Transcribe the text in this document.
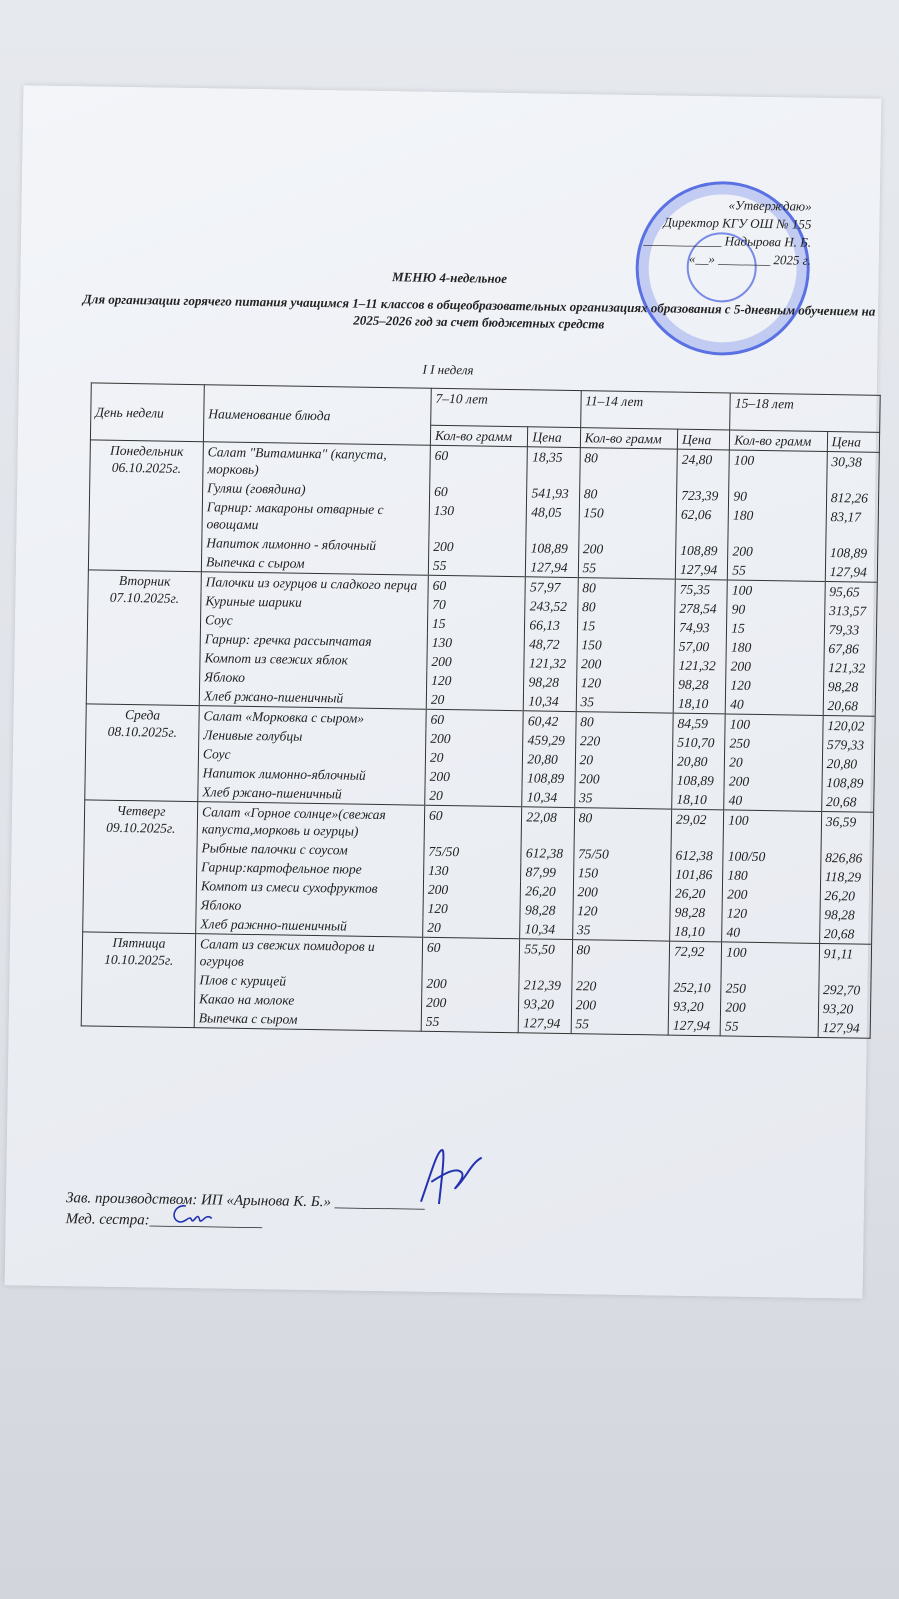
«Утверждаю»
Директор КГУ ОШ № 155
____________ Надырова Н. Б.
«__» ________ 2025 г.
МЕНЮ 4-недельное
Для организации горячего питания учащимся 1–11 классов в общеобразовательных организациях образования с 5-дневным обучением на 2025–2026 год за счет бюджетных средств
I I неделя
День недели	Наименование блюда	7–10 лет		11–14 лет		15–18 лет	
		Кол-во грамм	Цена	Кол-во грамм	Цена	Кол-во грамм	Цена

Понедельник
06.10.2025г.	Салат "Витаминка" (капуста, морковь)	60	18,35	80	24,80	100	30,38
	Гуляш (говядина)	60	541,93	80	723,39	90	812,26
	Гарнир: макароны отварные с овощами	130	48,05	150	62,06	180	83,17
	Напиток лимонно - яблочный	200	108,89	200	108,89	200	108,89
	Выпечка с сыром	55	127,94	55	127,94	55	127,94

Вторник
07.10.2025г.	Палочки из огурцов и сладкого перца	60	57,97	80	75,35	100	95,65
	Куриные шарики	70	243,52	80	278,54	90	313,57
	Соус	15	66,13	15	74,93	15	79,33
	Гарнир: гречка рассыпчатая	130	48,72	150	57,00	180	67,86
	Компот из свежих яблок	200	121,32	200	121,32	200	121,32
	Яблоко	120	98,28	120	98,28	120	98,28
	Хлеб ржано-пшеничный	20	10,34	35	18,10	40	20,68

Среда
08.10.2025г.	Салат «Морковка с сыром»	60	60,42	80	84,59	100	120,02
	Ленивые голубцы	200	459,29	220	510,70	250	579,33
	Соус	20	20,80	20	20,80	20	20,80
	Напиток лимонно-яблочный	200	108,89	200	108,89	200	108,89
	Хлеб ржано-пшеничный	20	10,34	35	18,10	40	20,68

Четверг
09.10.2025г.	Салат «Горное солнце»(свежая капуста,морковь и огурцы)	60	22,08	80	29,02	100	36,59
	Рыбные палочки с соусом	75/50	612,38	75/50	612,38	100/50	826,86
	Гарнир:картофельное пюре	130	87,99	150	101,86	180	118,29
	Компот из смеси сухофруктов	200	26,20	200	26,20	200	26,20
	Яблоко	120	98,28	120	98,28	120	98,28
	Хлеб ражнно-пшеничный	20	10,34	35	18,10	40	20,68

Пятница
10.10.2025г.	Салат из свежих помидоров и огурцов	60	55,50	80	72,92	100	91,11
	Плов с курицей	200	212,39	220	252,10	250	292,70
	Какао на молоке	200	93,20	200	93,20	200	93,20
	Выпечка с сыром	55	127,94	55	127,94	55	127,94
Зав. производством: ИП «Арынова К. Б.» ____________
Мед. сестра:_______________
